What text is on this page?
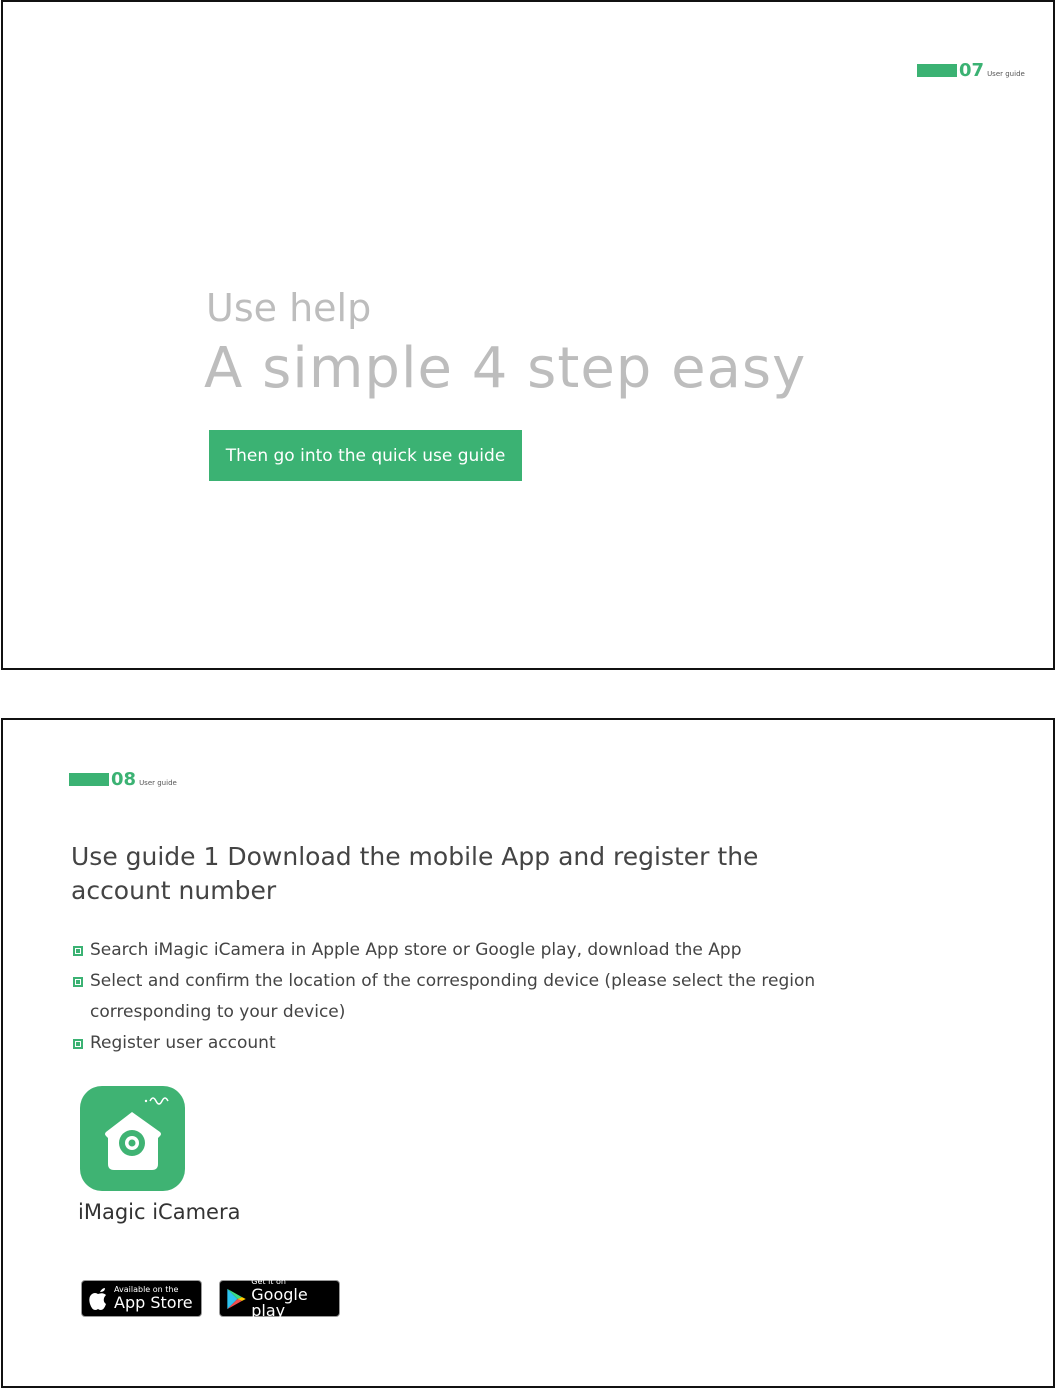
07 User guide
Use help
A simple 4 step easy
Then go into the quick use guide
08 User guide
Use guide 1 Download the mobile App and register the account number
Search iMagic iCamera in Apple App store or Google play, download the App
Select and confirm the location of the corresponding device (please select the region corresponding to your device)
Register user account

iMagic iCamera

Available on the
App Store
Get it on
Google play
